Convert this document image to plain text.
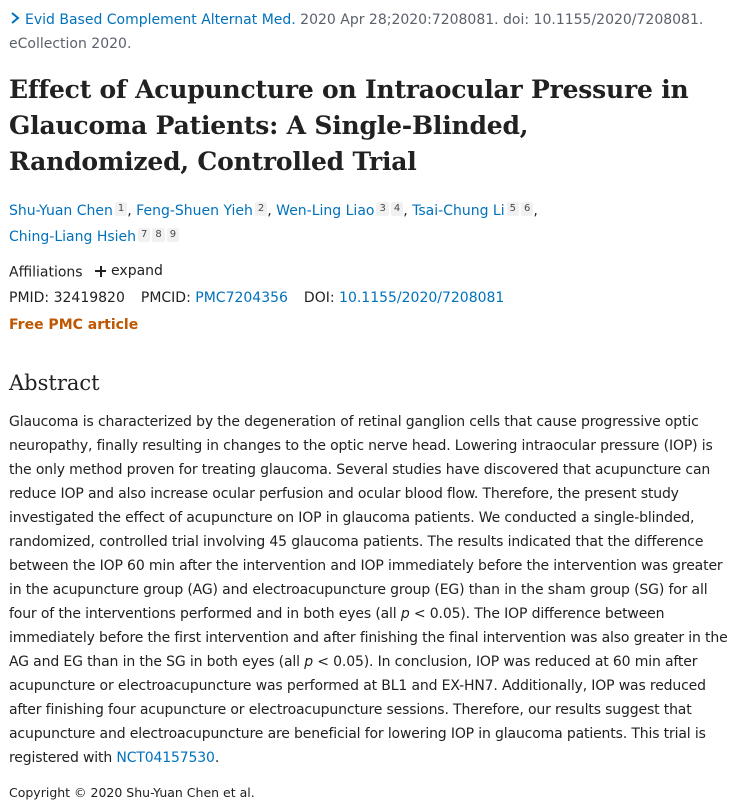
Evid Based Complement Alternat Med. 2020 Apr 28;2020:7208081. doi: 10.1155/2020/7208081. eCollection 2020.
Effect of Acupuncture on Intraocular Pressure in Glaucoma Patients: A Single-Blinded, Randomized, Controlled Trial
Shu-Yuan Chen 1 , Feng-Shuen Yieh 2 , Wen-Ling Liao 3 4 , Tsai-Chung Li 5 6 ,
Ching-Liang Hsieh 7 8 9
Affiliations expand
PMID: 32419820 PMCID: PMC7204356 DOI: 10.1155/2020/7208081
Free PMC article
Abstract

Glaucoma is characterized by the degeneration of retinal ganglion cells that cause progressive optic neuropathy, finally resulting in changes to the optic nerve head. Lowering intraocular pressure (IOP) is the only method proven for treating glaucoma. Several studies have discovered that acupuncture can reduce IOP and also increase ocular perfusion and ocular blood flow. Therefore, the present study investigated the effect of acupuncture on IOP in glaucoma patients. We conducted a single-blinded, randomized, controlled trial involving 45 glaucoma patients. The results indicated that the difference between the IOP 60 min after the intervention and IOP immediately before the intervention was greater in the acupuncture group (AG) and electroacupuncture group (EG) than in the sham group (SG) for all four of the interventions performed and in both eyes (all p < 0.05). The IOP difference between immediately before the first intervention and after finishing the final intervention was also greater in the AG and EG than in the SG in both eyes (all p < 0.05). In conclusion, IOP was reduced at 60 min after acupuncture or electroacupuncture was performed at BL1 and EX-HN7. Additionally, IOP was reduced after finishing four acupuncture or electroacupuncture sessions. Therefore, our results suggest that acupuncture and electroacupuncture are beneficial for lowering IOP in glaucoma patients. This trial is registered with NCT04157530.

Copyright © 2020 Shu-Yuan Chen et al.
